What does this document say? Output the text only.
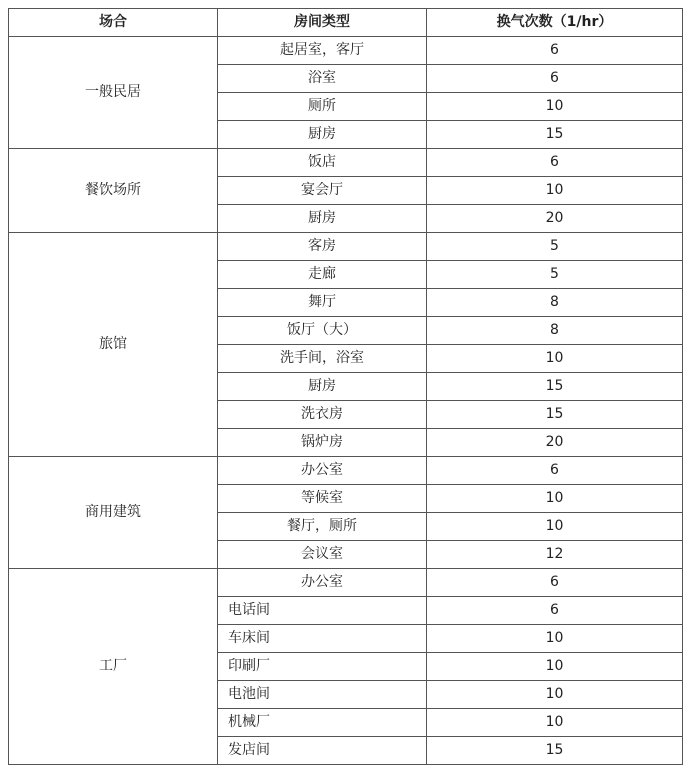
场合	房间类型	换气次数（1/hr）
一般民居	起居室，客厅	6
	浴室	6
	厕所	10
	厨房	15
餐饮场所	饭店	6
	宴会厅	10
	厨房	20
旅馆	客房	5
	走廊	5
	舞厅	8
	饭厅（大）	8
	洗手间，浴室	10
	厨房	15
	洗衣房	15
	锅炉房	20
商用建筑	办公室	6
	等候室	10
	餐厅，厕所	10
	会议室	12
工厂	办公室	6
	电话间	6
	车床间	10
	印刷厂	10
	电池间	10
	机械厂	10
	发店间	15
